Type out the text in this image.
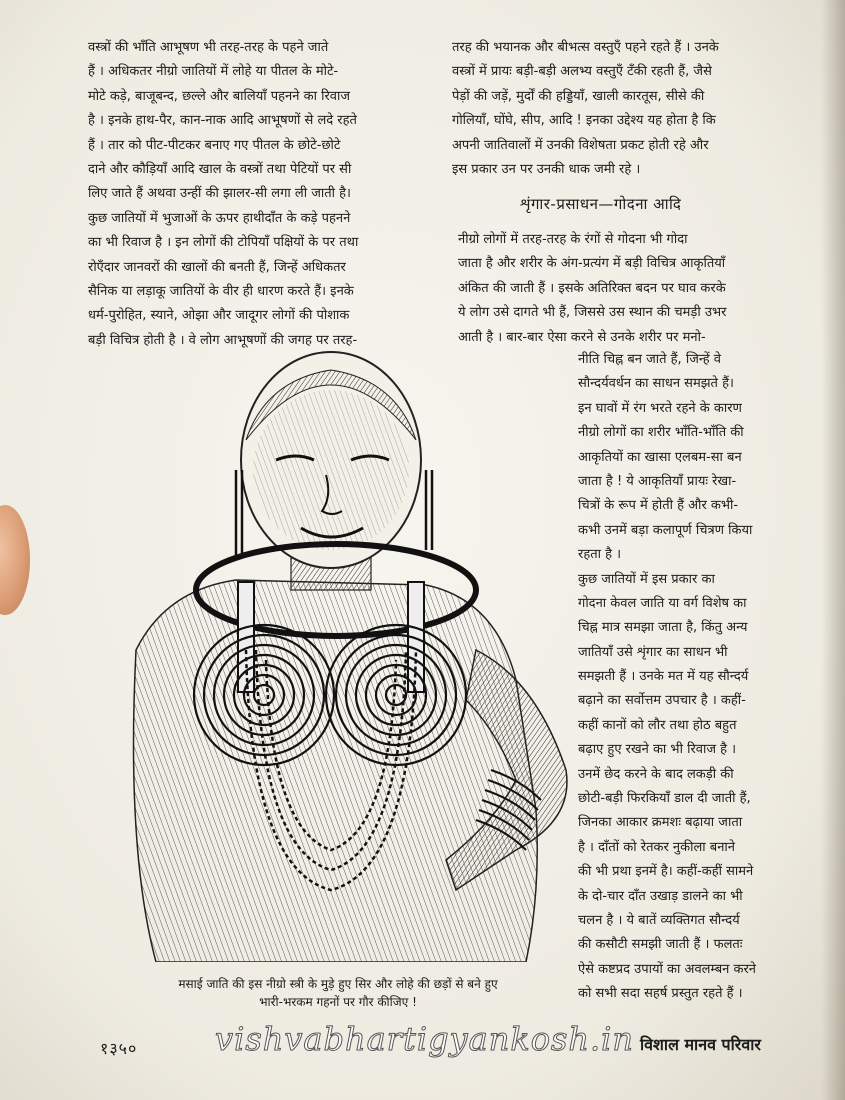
वस्त्रों की भाँति आभूषण भी तरह-तरह के पहने जाते
हैं । अधिकतर नीग्रो जातियों में लोहे या पीतल के मोटे-
मोटे कड़े, बाजूबन्द, छल्ले और बालियाँ पहनने का रिवाज
है । इनके हाथ-पैर, कान-नाक आदि आभूषणों से लदे रहते
हैं । तार को पीट-पीटकर बनाए गए पीतल के छोटे-छोटे
दाने और कौड़ियाँ आदि खाल के वस्त्रों तथा पेटियों पर सी
लिए जाते हैं अथवा उन्हीं की झालर-सी लगा ली जाती है।
कुछ जातियों में भुजाओं के ऊपर हाथीदाँत के कड़े पहनने
का भी रिवाज है । इन लोगों की टोपियाँ पक्षियों के पर तथा
रोएँदार जानवरों की खालों की बनती हैं, जिन्हें अधिकतर
सैनिक या लड़ाकू जातियों के वीर ही धारण करते हैं। इनके
धर्म-पुरोहित, स्याने, ओझा और जादूगर लोगों की पोशाक
बड़ी विचित्र होती है । वे लोग आभूषणों की जगह पर तरह-
तरह की भयानक और बीभत्स वस्तुएँ पहने रहते हैं । उनके
वस्त्रों में प्रायः बड़ी-बड़ी अलभ्य वस्तुएँ टँकी रहती हैं, जैसे
पेड़ों की जड़ें, मुर्दों की हड्डियाँ, खाली कारतूस, सीसे की
गोलियाँ, घोंघे, सीप, आदि ! इनका उद्देश्य यह होता है कि
अपनी जातिवालों में उनकी विशेषता प्रकट होती रहे और
इस प्रकार उन पर उनकी धाक जमी रहे ।
शृंगार-प्रसाधन—गोदना आदि
नीग्रो लोगों में तरह-तरह के रंगों से गोदना भी गोदा
जाता है और शरीर के अंग-प्रत्यंग में बड़ी विचित्र आकृतियाँ
अंकित की जाती हैं । इसके अतिरिक्त बदन पर घाव करके
ये लोग उसे दागते भी हैं, जिससे उस स्थान की चमड़ी उभर
आती है । बार-बार ऐसा करने से उनके शरीर पर मनो-
नीति चिह्न बन जाते हैं, जिन्हें वे
सौन्दर्यवर्धन का साधन समझते हैं।
इन घावों में रंग भरते रहने के कारण
नीग्रो लोगों का शरीर भाँति-भाँति की
आकृतियों का खासा एलबम-सा बन
जाता है ! ये आकृतियाँ प्रायः रेखा-
चित्रों के रूप में होती हैं और कभी-
कभी उनमें बड़ा कलापूर्ण चित्रण किया
रहता है ।
कुछ जातियों में इस प्रकार का
गोदना केवल जाति या वर्ग विशेष का
चिह्न मात्र समझा जाता है, किंतु अन्य
जातियाँ उसे शृंगार का साधन भी
समझती हैं । उनके मत में यह सौन्दर्य
बढ़ाने का सर्वोत्तम उपचार है । कहीं-
कहीं कानों को लौर तथा होठ बहुत
बढ़ाए हुए रखने का भी रिवाज है ।
उनमें छेद करने के बाद लकड़ी की
छोटी-बड़ी फिरकियाँ डाल दी जाती हैं,
जिनका आकार क्रमशः बढ़ाया जाता
है । दाँतों को रेतकर नुकीला बनाने
की भी प्रथा इनमें है। कहीं-कहीं सामने
के दो-चार दाँत उखाड़ डालने का भी
चलन है । ये बातें व्यक्तिगत सौन्दर्य
की कसौटी समझी जाती हैं । फलतः
ऐसे कष्टप्रद उपायों का अवलम्बन करने
को सभी सदा सहर्ष प्रस्तुत रहते हैं ।
मसाई जाति की इस नीग्रो स्त्री के मुड़े हुए सिर और लोहे की छड़ों से बने हुए
भारी-भरकम गहनों पर गौर कीजिए !
१३५० vishvabhartigyankosh.in विशाल मानव परिवार
